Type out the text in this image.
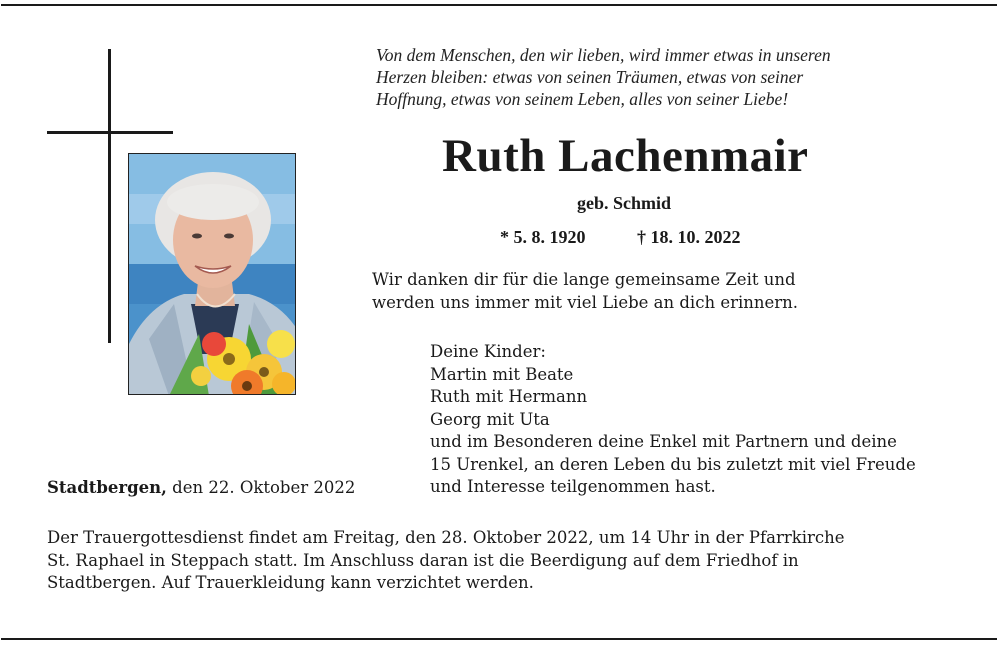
Von dem Menschen, den wir lieben, wird immer etwas in unseren
Herzen bleiben: etwas von seinen Träumen, etwas von seiner
Hoffnung, etwas von seinem Leben, alles von seiner Liebe!
Ruth Lachenmair
geb. Schmid
* 5. 8. 1920	† 18. 10. 2022
Wir danken dir für die lange gemeinsame Zeit und
werden uns immer mit viel Liebe an dich erinnern.
Deine Kinder:
Martin mit Beate
Ruth mit Hermann
Georg mit Uta
und im Besonderen deine Enkel mit Partnern und deine
15 Urenkel, an deren Leben du bis zuletzt mit viel Freude
und Interesse teilgenommen hast.
Stadtbergen, den 22. Oktober 2022
Der Trauergottesdienst findet am Freitag, den 28. Oktober 2022, um 14 Uhr in der Pfarrkirche
St. Raphael in Steppach statt. Im Anschluss daran ist die Beerdigung auf dem Friedhof in
Stadtbergen. Auf Trauerkleidung kann verzichtet werden.
